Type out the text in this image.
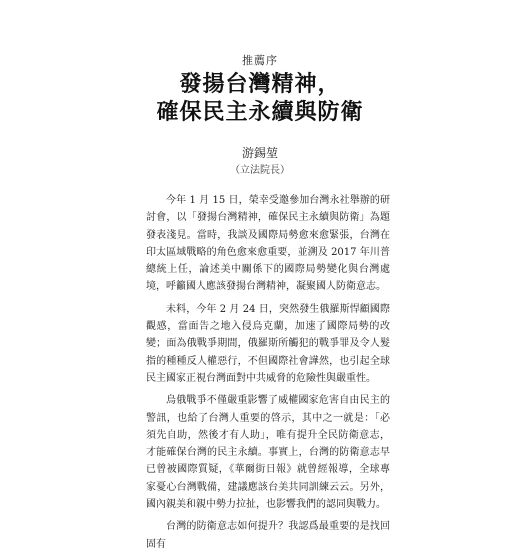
推薦序
發揚台灣精神，
確保民主永續與防衛
游錫堃
（立法院長）

今年 1 月 15 日，榮幸受邀參加台灣永社舉辦的研討會，以「發揚台灣精神，確保民主永續與防衛」為題發表淺見。當時，我談及國際局勢愈來愈緊張，台灣在印太區域戰略的角色愈來愈重要，並溯及 2017 年川普總統上任，論述美中關係下的國際局勢變化與台灣處境，呼籲國人應該發揚台灣精神，凝聚國人防衛意志。

未料，今年 2 月 24 日，突然發生俄羅斯悍顧國際觀感，當面告之地入侵烏克蘭，加速了國際局勢的改變；面為俄戰爭期間，俄羅斯所觸犯的戰爭罪及令人髮指的種種反人權惡行，不但國際社會譁然，也引起全球民主國家正視台灣面對中共威脅的危險性與嚴重性。

烏俄戰爭不僅嚴重影響了威權國家危害自由民主的警訊，也給了台灣人重要的啓示，其中之一就是：「必須先自助，然後才有人助」，唯有提升全民防衛意志，才能確保台灣的民主永續。事實上，台灣的防衛意志早已曾被國際質疑，《華爾街日報》就曾經報導，全球專家憂心台灣戰備，建議應該台美共同訓練云云。另外，國內親美和親中勢力拉扯，也影響我們的認同與戰力。

台灣的防衛意志如何提升？我認爲最重要的是找回固有
